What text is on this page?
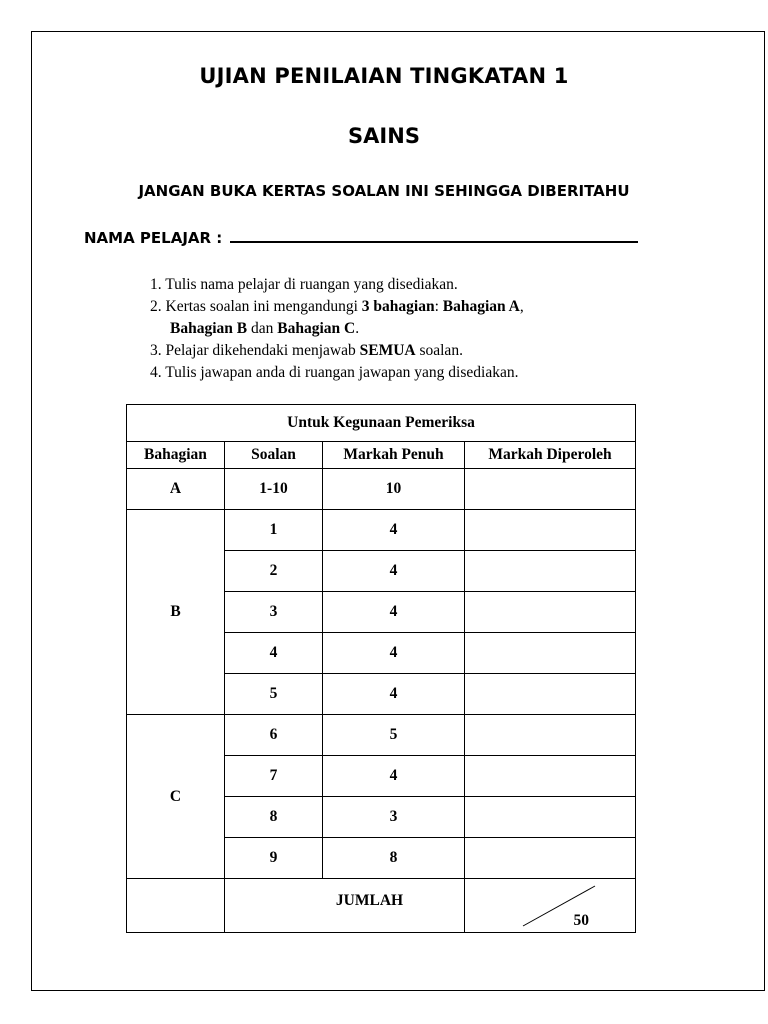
UJIAN PENILAIAN TINGKATAN 1
SAINS

JANGAN BUKA KERTAS SOALAN INI SEHINGGA DIBERITAHU

NAMA PELAJAR :
1. Tulis nama pelajar di ruangan yang disediakan.
2. Kertas soalan ini mengandungi 3 bahagian: Bahagian A,
Bahagian B dan Bahagian C.
3. Pelajar dikehendaki menjawab SEMUA soalan.
4. Tulis jawapan anda di ruangan jawapan yang disediakan.
Untuk Kegunaan Pemeriksa			
Bahagian	Soalan	Markah Penuh	Markah Diperoleh
A	1-10	10	
B	1	4	
	2	4	
	3	4	
	4	4	
	5	4	
C	6	5	
	7	4	
	8	3	
	9	8	
	JUMLAH		50
